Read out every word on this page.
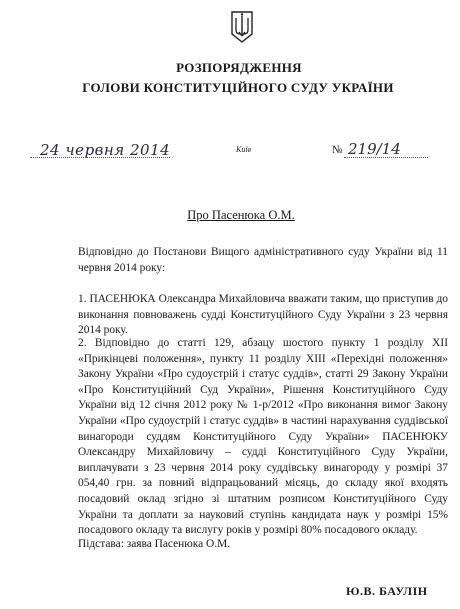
РОЗПОРЯДЖЕННЯ
ГОЛОВИ КОНСТИТУЦІЙНОГО СУДУ УКРАЇНИ
24 червня 2014	Київ	№ 219/14
Про Пасенюка О.М.
Відповідно до Постанови Вищого адміністративного суду України від 11 червня 2014 року:
1. ПАСЕНЮКА Олександра Михайловича вважати таким, що приступив до виконання повноважень судді Конституційного Суду України з 23 червня 2014 року.
2. Відповідно до статті 129, абзацу шостого пункту 1 розділу XII «Прикінцеві положення», пункту 11 розділу XIII «Перехідні положення» Закону України «Про судоустрій і статус суддів», статті 29 Закону України «Про Конституційний Суд України», Рішення Конституційного Суду України від 12 січня 2012 року № 1-р/2012 «Про виконання вимог Закону України «Про судоустрій і статус суддів» в частині нарахування суддівської винагороди суддям Конституційного Суду України» ПАСЕНЮКУ Олександру Михайловичу – судді Конституційного Суду України, виплачувати з 23 червня 2014 року суддівську винагороду у розмірі 37 054,40 грн. за повний відпрацьований місяць, до складу якої входять посадовий оклад згідно зі штатним розписом Конституційного Суду України та доплати за науковий ступінь кандидата наук у розмірі 15% посадового окладу та вислугу років у розмірі 80% посадового окладу.
Підстава: заява Пасенюка О.М.
Ю.В. БАУЛІН
